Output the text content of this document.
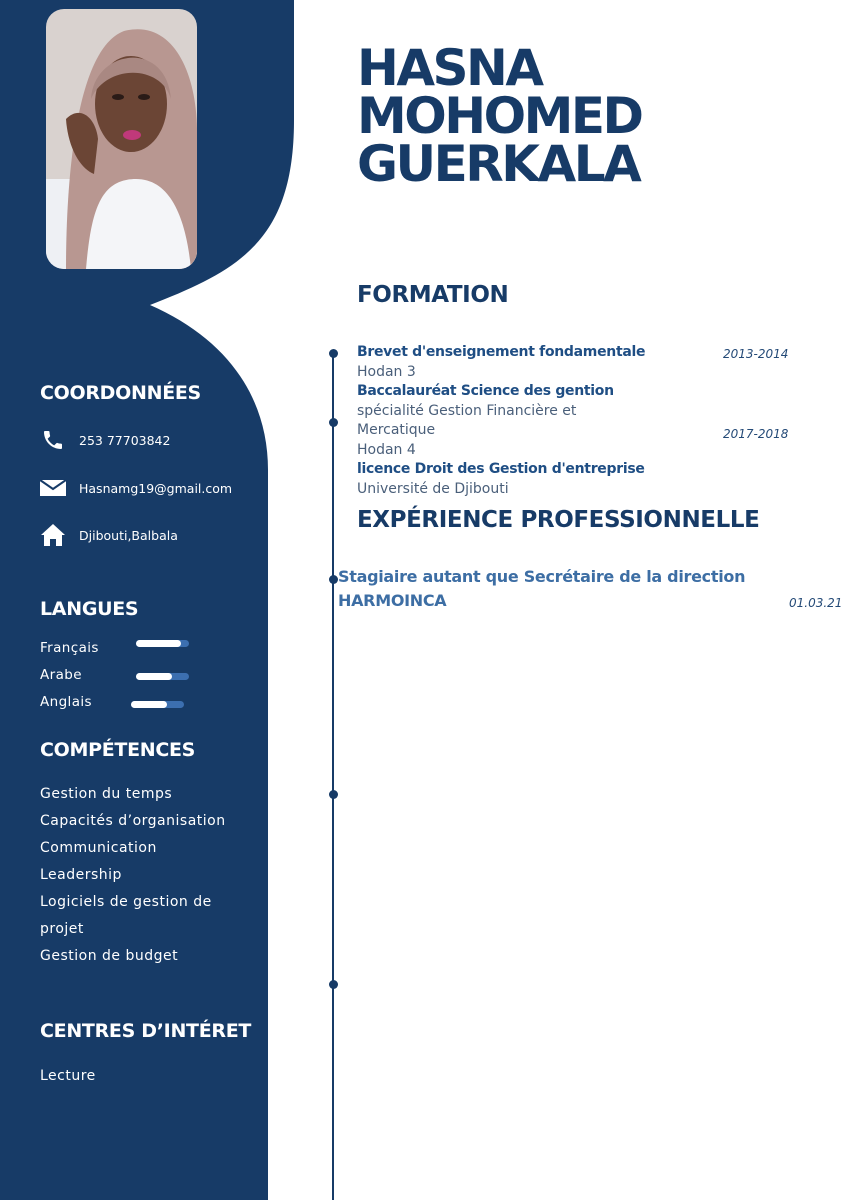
COORDONNÉES
253 77703842
Hasnamg19@gmail.com
Djibouti,Balbala
LANGUES
Français
Arabe
Anglais
COMPÉTENCES
Gestion du temps
Capacités d’organisation
Communication
Leadership
Logiciels de gestion de
projet
Gestion de budget
CENTRES D’INTÉRET
Lecture
HASNA
MOHOMED
GUERKALA
FORMATION

Brevet d'enseignement fondamentale

Hodan 3

2013-2014

Baccalauréat Science des gention

spécialité Gestion Financière et

Mercatique	2017-2018

Hodan 4

licence Droit des Gestion d'entreprise

Université de Djibouti

EXPÉRIENCE PROFESSIONNELLE

Stagiaire autant que Secrétaire de la direction

HARMOINCA	01.03.21
